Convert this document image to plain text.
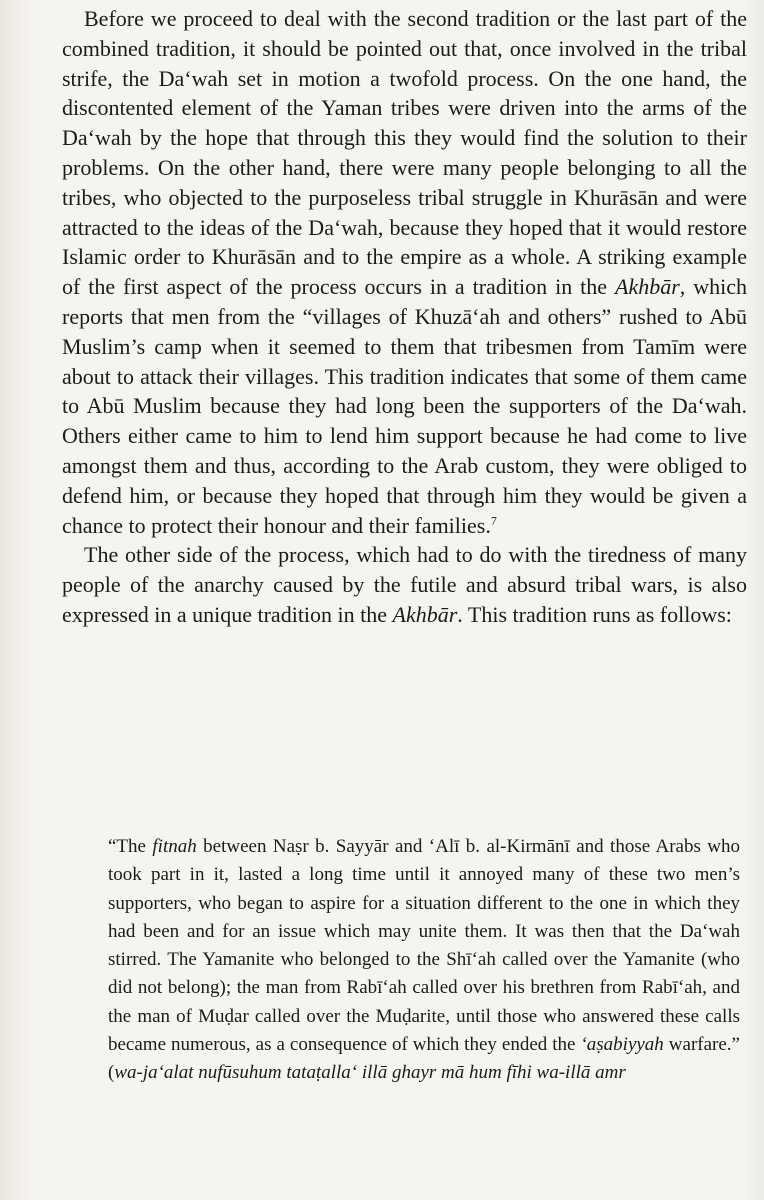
Before we proceed to deal with the second tradition or the last part of the combined tradition, it should be pointed out that, once involved in the tribal strife, the Da‘wah set in motion a twofold process. On the one hand, the discontented element of the Yaman tribes were driven into the arms of the Da‘wah by the hope that through this they would find the solution to their problems. On the other hand, there were many people belonging to all the tribes, who objected to the purposeless tribal struggle in Khurāsān and were attracted to the ideas of the Da‘wah, because they hoped that it would restore Islamic order to Khurāsān and to the empire as a whole. A striking example of the first aspect of the process occurs in a tradition in the Akhbār, which reports that men from the “villages of Khuzā‘ah and others” rushed to Abū Muslim’s camp when it seemed to them that tribesmen from Tamīm were about to attack their villages. This tradition indicates that some of them came to Abū Muslim because they had long been the supporters of the Da‘wah. Others either came to him to lend him support because he had come to live amongst them and thus, according to the Arab custom, they were obliged to defend him, or because they hoped that through him they would be given a chance to protect their honour and their families.$^7$

The other side of the process, which had to do with the tiredness of many people of the anarchy caused by the futile and absurd tribal wars, is also expressed in a unique tradition in the Akhbār. This tradition runs as follows:

“The fitnah between Naṣr b. Sayyār and ‘Alī b. al-Kirmānī and those Arabs who took part in it, lasted a long time until it annoyed many of these two men’s supporters, who began to aspire for a situation different to the one in which they had been and for an issue which may unite them. It was then that the Da‘wah stirred. The Yamanite who belonged to the Shī‘ah called over the Yamanite (who did not belong); the man from Rabī‘ah called over his brethren from Rabī‘ah, and the man of Muḍar called over the Muḍarite, until those who answered these calls became numerous, as a consequence of which they ended the ‘aṣabiyyah warfare.” (wa-ja‘alat nufūsuhum tataṭalla‘ illā ghayr mā hum fīhi wa-illā amr
